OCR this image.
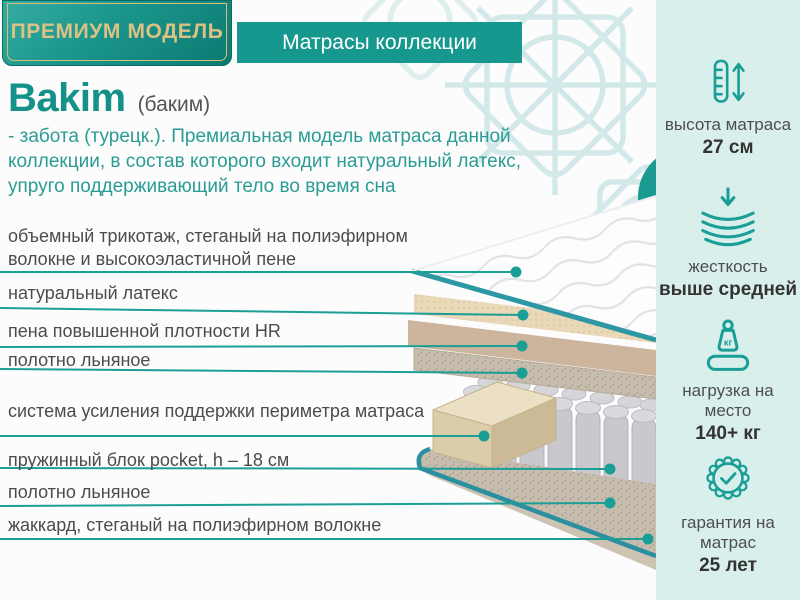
ПРЕМИУМ МОДЕЛЬ	Матрасы коллекции
Bakim (баким)
- забота (турецк.). Премиальная модель матраса данной коллекции, в состав которого входит натуральный латекс, упруго поддерживающий тело во время сна
объемный трикотаж, стеганый на полиэфирном волокне и высокоэластичной пене
натуральный латекс
пена повышенной плотности HR
полотно льняное
система усиления поддержки периметра матраса
пружинный блок pocket, h – 18 см
полотно льняное
жаккард, стеганый на полиэфирном волокне
высота матраса
27 см
жесткость
выше средней
кг
нагрузка на место
140+ кг
гарантия на матрас
25 лет
